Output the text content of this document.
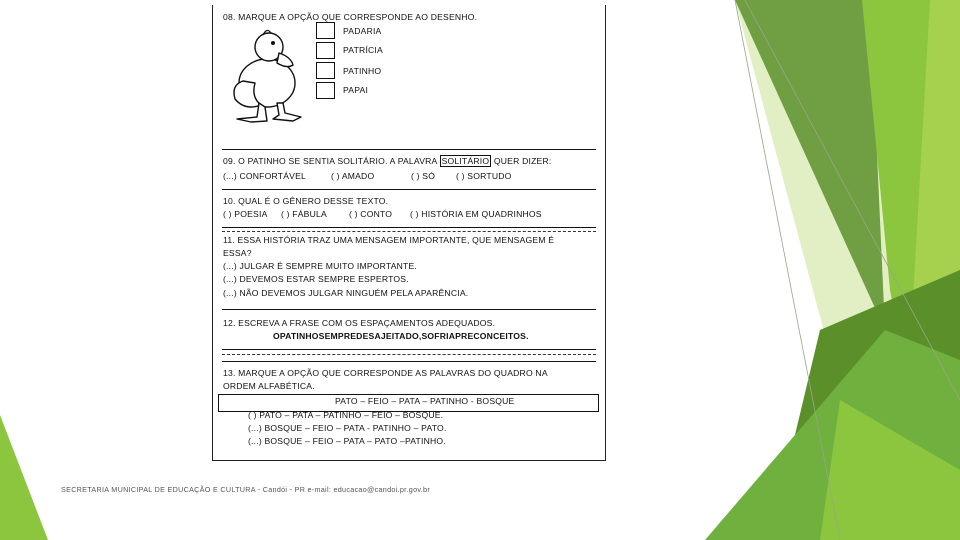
08. MARQUE A OPÇÃO QUE CORRESPONDE AO DESENHO.
PADARIA
PATRÍCIA
PATINHO
PAPAI
09. O PATINHO SE SENTIA SOLITÁRIO. A PALAVRA SOLITÁRIO QUER DIZER:
(...) CONFORTÁVEL	( ) AMADO	( ) SÓ ( ) SORTUDO
10. QUAL É O GÊNERO DESSE TEXTO.
( ) POESIA ( ) FÁBULA	( ) CONTO ( ) HISTÓRIA EM QUADRINHOS
11. ESSA HISTÓRIA TRAZ UMA MENSAGEM IMPORTANTE, QUE MENSAGEM É
ESSA?
(...) JULGAR É SEMPRE MUITO IMPORTANTE.
(...) DEVEMOS ESTAR SEMPRE ESPERTOS.
(...) NÃO DEVEMOS JULGAR NINGUÉM PELA APARÊNCIA.
12. ESCREVA A FRASE COM OS ESPAÇAMENTOS ADEQUADOS.
OPATINHOSEMPREDESAJEITADO,SOFRIAPRECONCEITOS.
13. MARQUE A OPÇÃO QUE CORRESPONDE AS PALAVRAS DO QUADRO NA
ORDEM ALFABÉTICA.
PATO – FEIO – PATA – PATINHO - BOSQUE
( ) PATO – PATA – PATINHO – FEIO – BOSQUE.
(...) BOSQUE – FEIO – PATA - PATINHO – PATO.
(...) BOSQUE – FEIO – PATA – PATO –PATINHO.
SECRETARIA MUNICIPAL DE EDUCAÇÃO E CULTURA - Candói - PR e-mail: educacao@candoi.pr.gov.br
